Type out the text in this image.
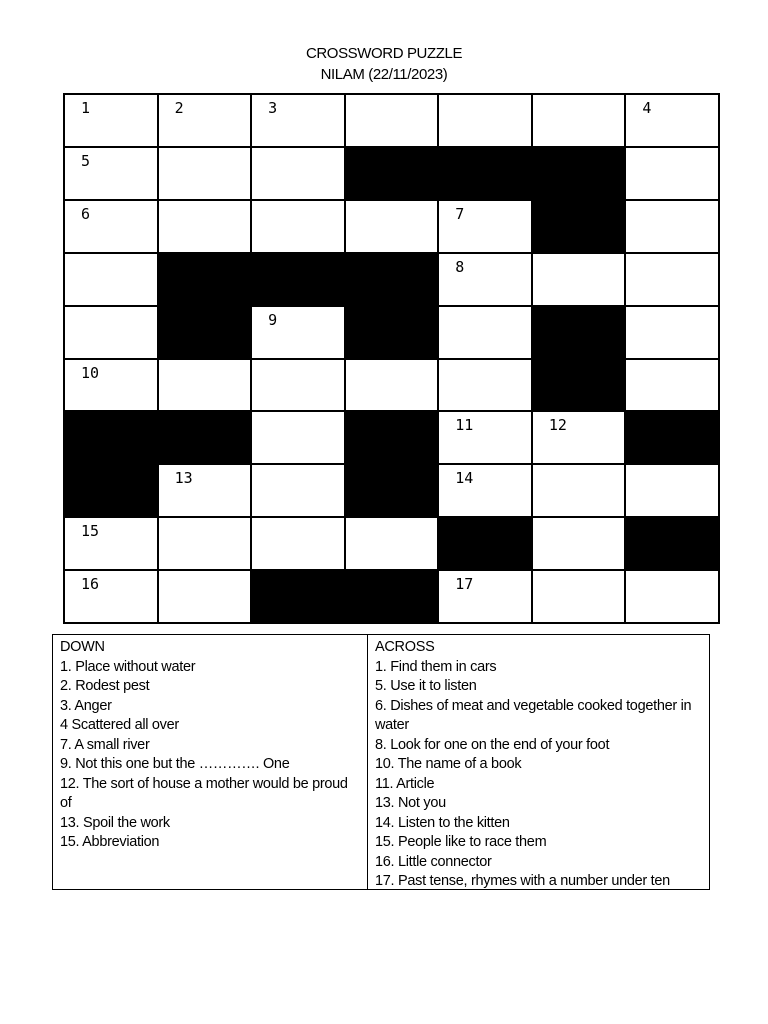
CROSSWORD PUZZLE
NILAM (22/11/2023)
1	2	3	4
5
6	7
8
9
10
11	12
13	14
15
16	17
DOWN
1. Place without water
2. Rodest pest
3. Anger
4 Scattered all over
7. A small river
9. Not this one but the …………. One
12. The sort of house a mother would be proud of
13. Spoil the work
15. Abbreviation
ACROSS
1. Find them in cars
5. Use it to listen
6. Dishes of meat and vegetable cooked together in water
8. Look for one on the end of your foot
10. The name of a book
11. Article
13. Not you
14. Listen to the kitten
15. People like to race them
16. Little connector
17. Past tense, rhymes with a number under ten
